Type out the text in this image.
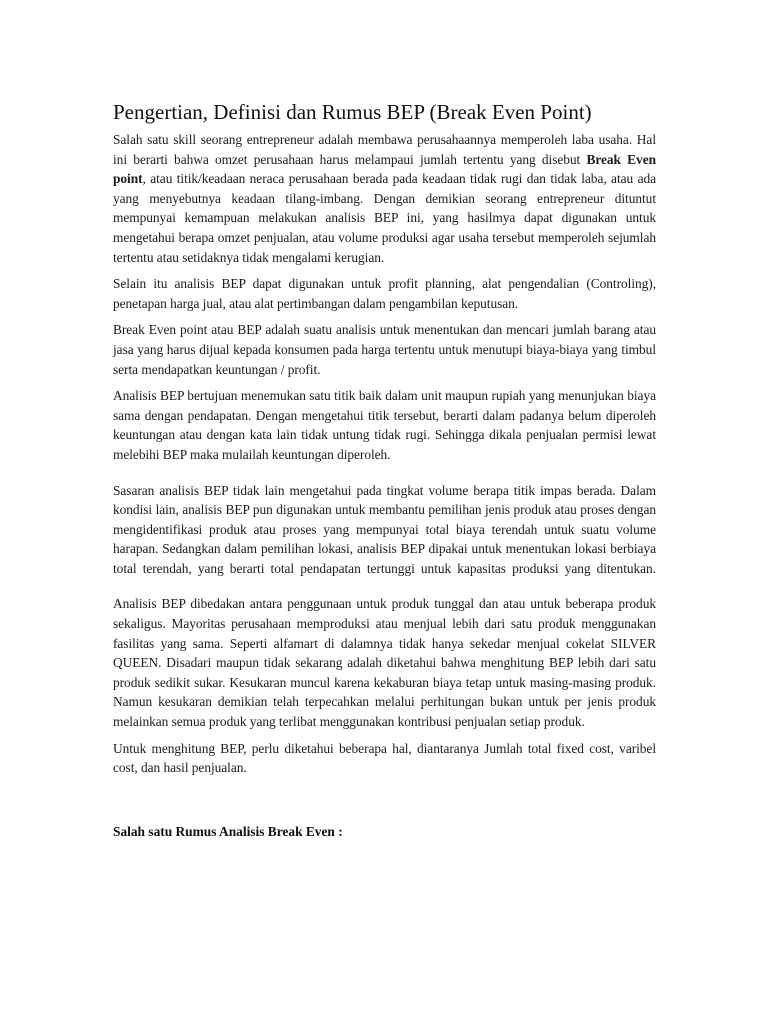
Pengertian, Definisi dan Rumus BEP (Break Even Point)

Salah satu skill seorang entrepreneur adalah membawa perusahaannya memperoleh laba usaha. Hal ini berarti bahwa omzet perusahaan harus melampaui jumlah tertentu yang disebut Break Even point, atau titik/keadaan neraca perusahaan berada pada keadaan tidak rugi dan tidak laba, atau ada yang menyebutnya keadaan tilang-imbang. Dengan demikian seorang entrepreneur dituntut mempunyai kemampuan melakukan analisis BEP ini, yang hasilmya dapat digunakan untuk mengetahui berapa omzet penjualan, atau volume produksi agar usaha tersebut memperoleh sejumlah tertentu atau setidaknya tidak mengalami kerugian.

Selain itu analisis BEP dapat digunakan untuk profit planning, alat pengendalian (Controling), penetapan harga jual, atau alat pertimbangan dalam pengambilan keputusan.

Break Even point atau BEP adalah suatu analisis untuk menentukan dan mencari jumlah barang atau jasa yang harus dijual kepada konsumen pada harga tertentu untuk menutupi biaya-biaya yang timbul serta mendapatkan keuntungan / profit.

Analisis BEP bertujuan menemukan satu titik baik dalam unit maupun rupiah yang menunjukan biaya sama dengan pendapatan. Dengan mengetahui titik tersebut, berarti dalam padanya belum diperoleh keuntungan atau dengan kata lain tidak untung tidak rugi. Sehingga dikala penjualan permisi lewat melebihi BEP maka mulailah keuntungan diperoleh.

Sasaran analisis BEP tidak lain mengetahui pada tingkat volume berapa titik impas berada. Dalam kondisi lain, analisis BEP pun digunakan untuk membantu pemilihan jenis produk atau proses dengan mengidentifikasi produk atau proses yang mempunyai total biaya terendah untuk suatu volume harapan. Sedangkan dalam pemilihan lokasi, analisis BEP dipakai untuk menentukan lokasi berbiaya total terendah, yang berarti total pendapatan tertunggi untuk kapasitas produksi yang ditentukan.

Analisis BEP dibedakan antara penggunaan untuk produk tunggal dan atau untuk beberapa produk sekaligus. Mayoritas perusahaan memproduksi atau menjual lebih dari satu produk menggunakan fasilitas yang sama. Seperti alfamart di dalamnya tidak hanya sekedar menjual cokelat SILVER QUEEN. Disadari maupun tidak sekarang adalah diketahui bahwa menghitung BEP lebih dari satu produk sedikit sukar. Kesukaran muncul karena kekaburan biaya tetap untuk masing-masing produk. Namun kesukaran demikian telah terpecahkan melalui perhitungan bukan untuk per jenis produk melainkan semua produk yang terlibat menggunakan kontribusi penjualan setiap produk.

Untuk menghitung BEP, perlu diketahui beberapa hal, diantaranya Jumlah total fixed cost, varibel cost, dan hasil penjualan.

Salah satu Rumus Analisis Break Even :
